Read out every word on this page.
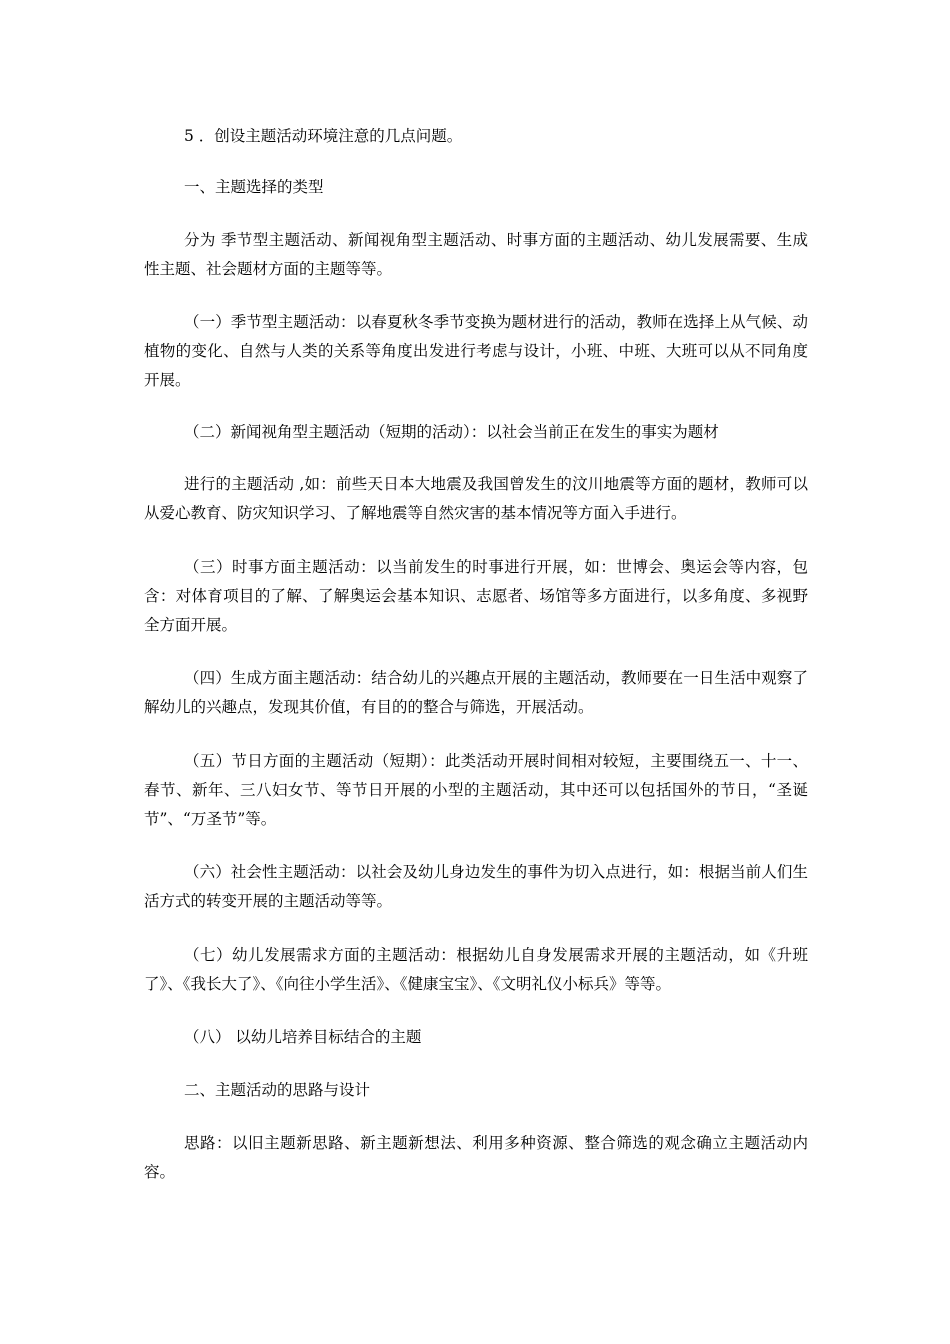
5 ．创设主题活动环境注意的几点问题。

一、主题选择的类型

分为 季节型主题活动、新闻视角型主题活动、时事方面的主题活动、幼儿发展需要、生成性主题、社会题材方面的主题等等。

（一）季节型主题活动：以春夏秋冬季节变换为题材进行的活动，教师在选择上从气候、动植物的变化、自然与人类的关系等角度出发进行考虑与设计，小班、中班、大班可以从不同角度开展。

（二）新闻视角型主题活动（短期的活动）：以社会当前正在发生的事实为题材

进行的主题活动 ,如：前些天日本大地震及我国曾发生的汶川地震等方面的题材，教师可以从爱心教育、防灾知识学习、了解地震等自然灾害的基本情况等方面入手进行。

（三）时事方面主题活动：以当前发生的时事进行开展，如：世博会、奥运会等内容，包含：对体育项目的了解、了解奥运会基本知识、志愿者、场馆等多方面进行，以多角度、多视野全方面开展。

（四）生成方面主题活动：结合幼儿的兴趣点开展的主题活动，教师要在一日生活中观察了解幼儿的兴趣点，发现其价值，有目的的整合与筛选，开展活动。

（五）节日方面的主题活动（短期）：此类活动开展时间相对较短，主要围绕五一、十一、春节、新年、三八妇女节、等节日开展的小型的主题活动，其中还可以包括国外的节日，“圣诞节”、“万圣节”等。

（六）社会性主题活动：以社会及幼儿身边发生的事件为切入点进行，如：根据当前人们生活方式的转变开展的主题活动等等。

（七）幼儿发展需求方面的主题活动：根据幼儿自身发展需求开展的主题活动，如《升班了》、《我长大了》、《向往小学生活》、《健康宝宝》、《文明礼仪小标兵》等等。

（八） 以幼儿培养目标结合的主题

二、主题活动的思路与设计

思路：以旧主题新思路、新主题新想法、利用多种资源、整合筛选的观念确立主题活动内容。
